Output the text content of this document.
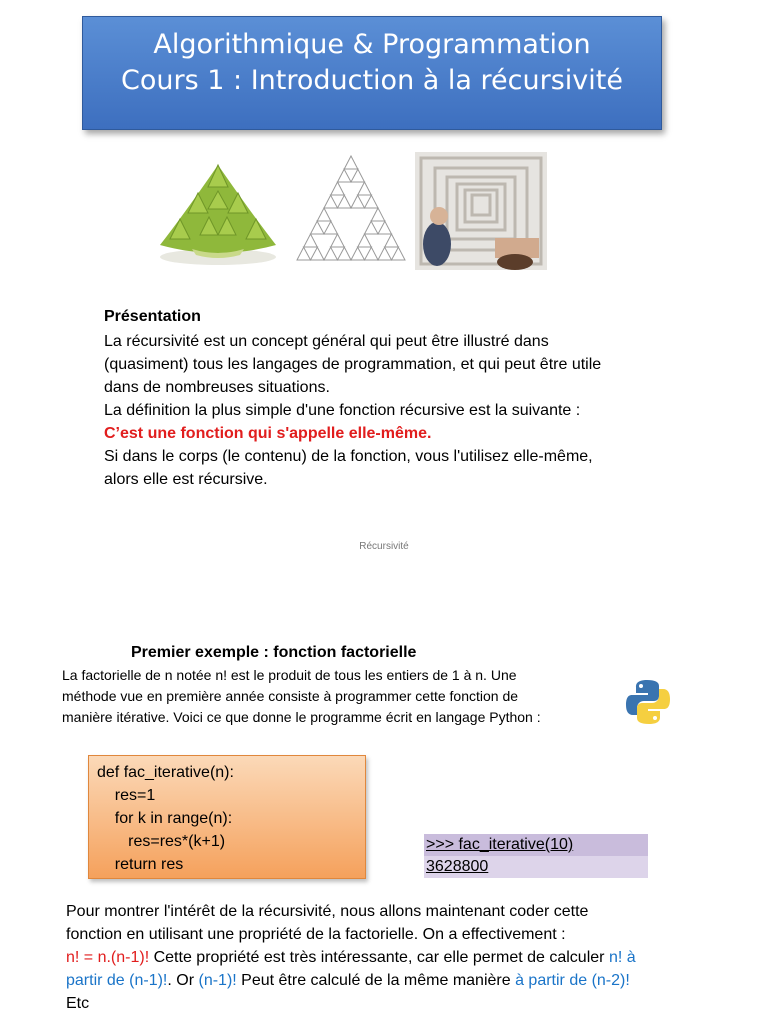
Algorithmique & Programmation
Cours 1 : Introduction à la récursivité
Présentation
La récursivité est un concept général qui peut être illustré dans
(quasiment) tous les langages de programmation, et qui peut être utile
dans de nombreuses situations.
La définition la plus simple d'une fonction récursive est la suivante :
C’est une fonction qui s'appelle elle-même.
Si dans le corps (le contenu) de la fonction, vous l'utilisez elle-même,
alors elle est récursive.
Récursivité
Premier exemple : fonction factorielle
La factorielle de n notée n! est le produit de tous les entiers de 1 à n. Une
méthode vue en première année consiste à programmer cette fonction de
manière itérative. Voici ce que donne le programme écrit en langage Python :
def fac_iterative(n):
res=1
for k in range(n):
res=res*(k+1)
return res
>>> fac_iterative(10)
3628800
Pour montrer l'intérêt de la récursivité, nous allons maintenant coder cette
fonction en utilisant une propriété de la factorielle. On a effectivement :
n! = n.(n-1)! Cette propriété est très intéressante, car elle permet de calculer n! à
partir de (n-1)!. Or (n-1)! Peut être calculé de la même manière à partir de (n-2)!
Etc
